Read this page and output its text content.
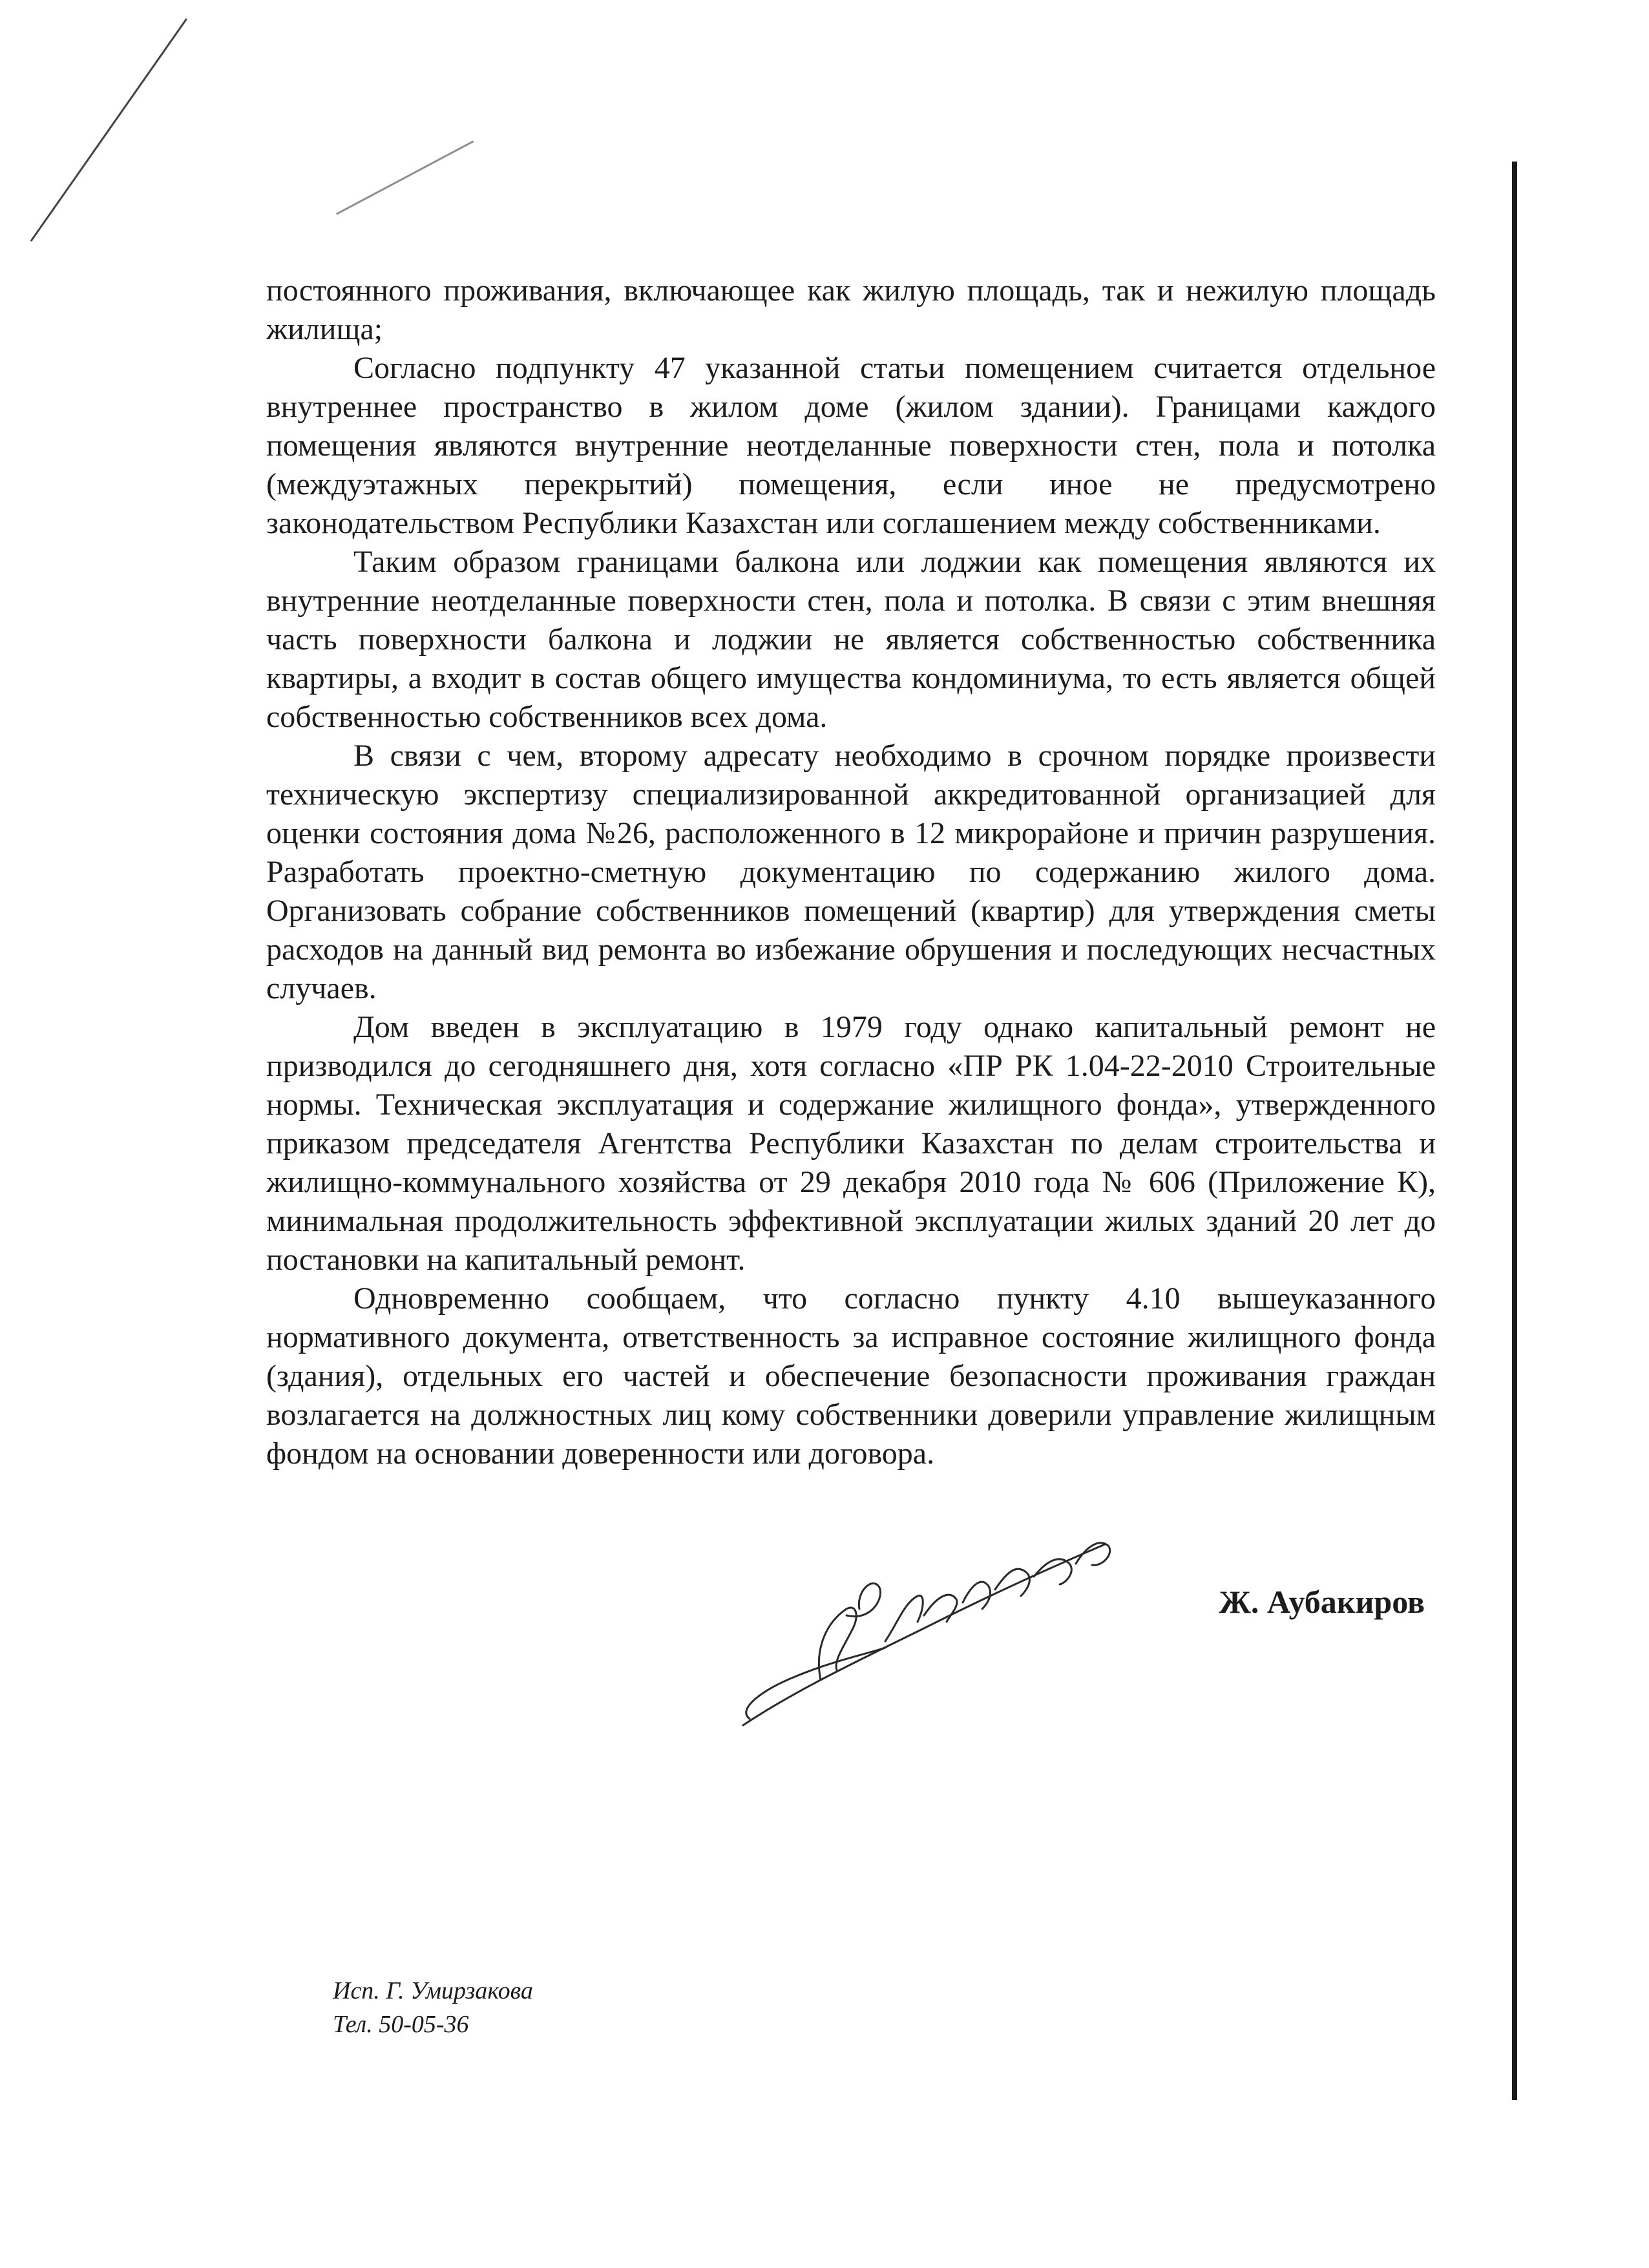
постоянного проживания, включающее как жилую площадь, так и нежилую площадь жилища;

Согласно подпункту 47 указанной статьи помещением считается отдельное внутреннее пространство в жилом доме (жилом здании). Границами каждого помещения являются внутренние неотделанные поверхности стен, пола и потолка (междуэтажных перекрытий) помещения, если иное не предусмотрено законодательством Республики Казахстан или соглашением между собственниками.

Таким образом границами балкона или лоджии как помещения являются их внутренние неотделанные поверхности стен, пола и потолка. В связи с этим внешняя часть поверхности балкона и лоджии не является собственностью собственника квартиры, а входит в состав общего имущества кондоминиума, то есть является общей собственностью собственников всех дома.

В связи с чем, второму адресату необходимо в срочном порядке произвести техническую экспертизу специализированной аккредитованной организацией для оценки состояния дома №26, расположенного в 12 микрорайоне и причин разрушения. Разработать проектно-сметную документацию по содержанию жилого дома. Организовать собрание собственников помещений (квартир) для утверждения сметы расходов на данный вид ремонта во избежание обрушения и последующих несчастных случаев.

Дом введен в эксплуатацию в 1979 году однако капитальный ремонт не призводился до сегодняшнего дня, хотя согласно «ПР РК 1.04-22-2010 Строительные нормы. Техническая эксплуатация и содержание жилищного фонда», утвержденного приказом председателя Агентства Республики Казахстан по делам строительства и жилищно-коммунального хозяйства от 29 декабря 2010 года № 606 (Приложение К), минимальная продолжительность эффективной эксплуатации жилых зданий 20 лет до постановки на капитальный ремонт.

Одновременно сообщаем, что согласно пункту 4.10 вышеуказанного нормативного документа, ответственность за исправное состояние жилищного фонда (здания), отдельных его частей и обеспечение безопасности проживания граждан возлагается на должностных лиц кому собственники доверили управление жилищным фондом на основании доверенности или договора.

Ж. Аубакиров
Исп. Г. Умирзакова
Тел. 50-05-36
